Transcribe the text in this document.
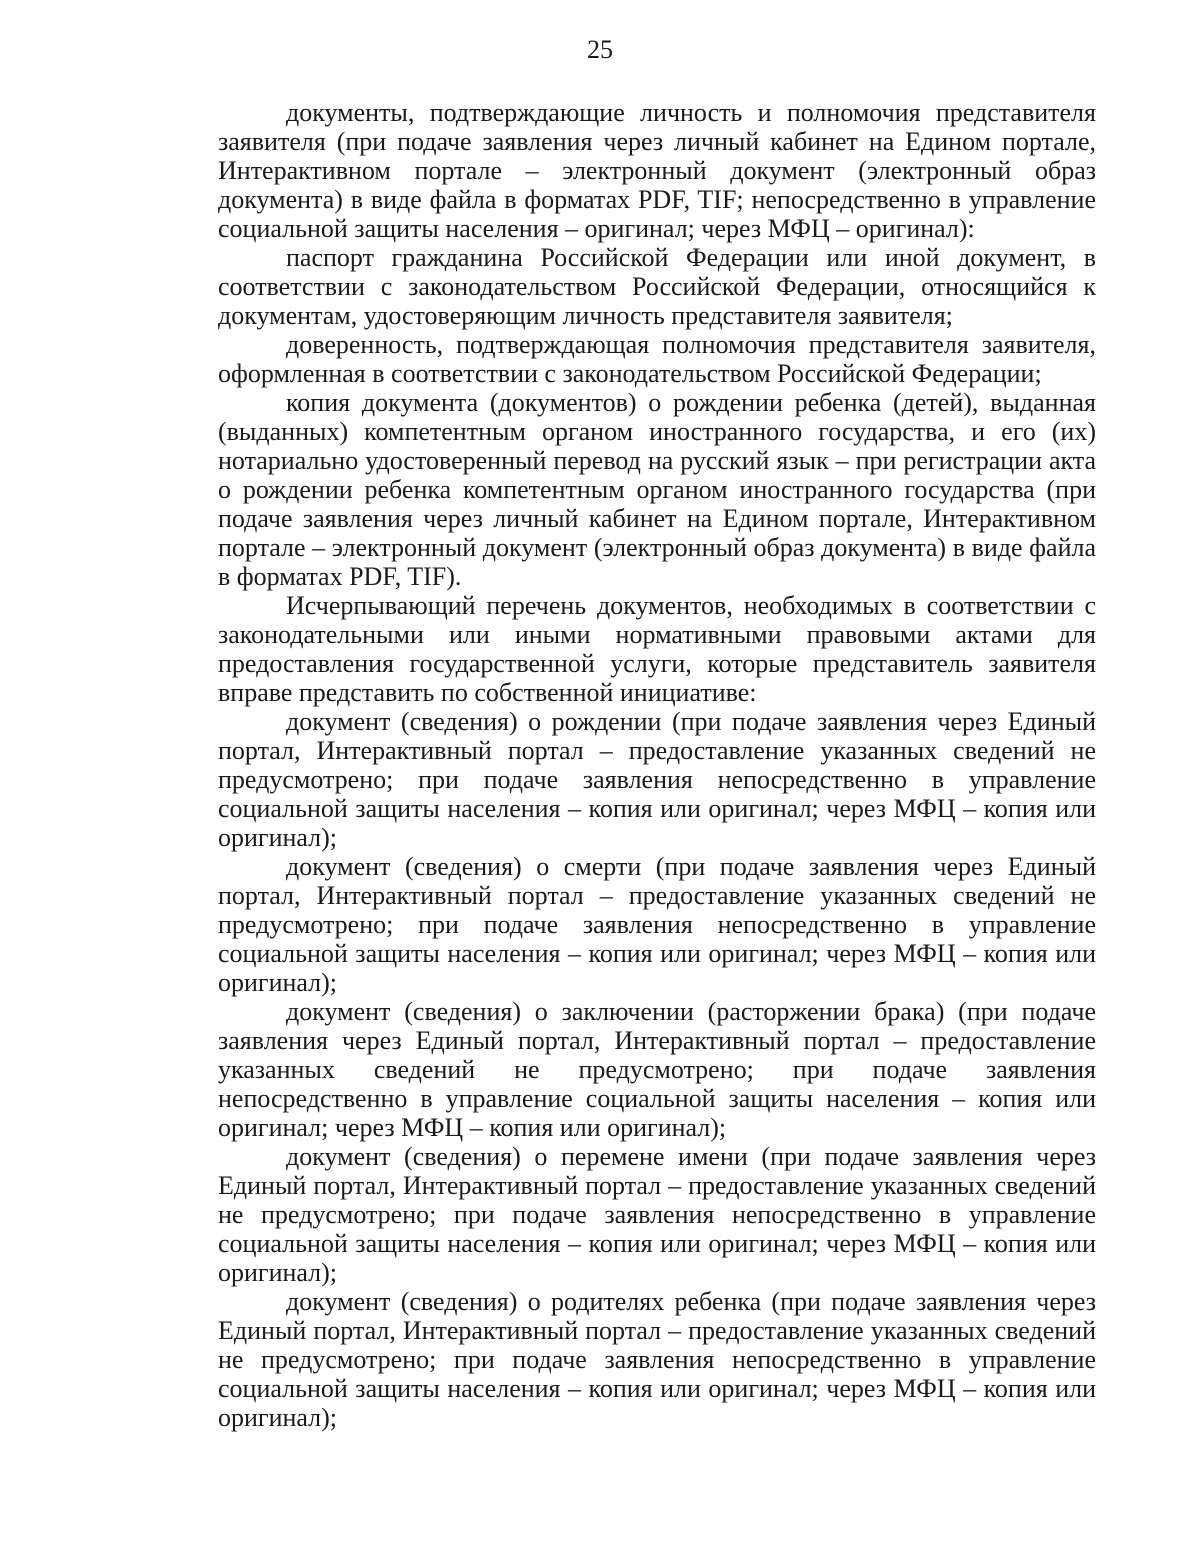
25

документы, подтверждающие личность и полномочия представителя заявителя (при подаче заявления через личный кабинет на Едином портале, Интерактивном портале – электронный документ (электронный образ документа) в виде файла в форматах PDF, TIF; непосредственно в управление социальной защиты населения – оригинал; через МФЦ – оригинал):

паспорт гражданина Российской Федерации или иной документ, в соответствии с законодательством Российской Федерации, относящийся к документам, удостоверяющим личность представителя заявителя;

доверенность, подтверждающая полномочия представителя заявителя, оформленная в соответствии с законодательством Российской Федерации;

копия документа (документов) о рождении ребенка (детей), выданная (выданных) компетентным органом иностранного государства, и его (их) нотариально удостоверенный перевод на русский язык – при регистрации акта о рождении ребенка компетентным органом иностранного государства (при подаче заявления через личный кабинет на Едином портале, Интерактивном портале – электронный документ (электронный образ документа) в виде файла в форматах PDF, TIF).

Исчерпывающий перечень документов, необходимых в соответствии с законодательными или иными нормативными правовыми актами для предоставления государственной услуги, которые представитель заявителя вправе представить по собственной инициативе:

документ (сведения) о рождении (при подаче заявления через Единый портал, Интерактивный портал – предоставление указанных сведений не предусмотрено; при подаче заявления непосредственно в управление социальной защиты населения – копия или оригинал; через МФЦ – копия или оригинал);

документ (сведения) о смерти (при подаче заявления через Единый портал, Интерактивный портал – предоставление указанных сведений не предусмотрено; при подаче заявления непосредственно в управление социальной защиты населения – копия или оригинал; через МФЦ – копия или оригинал);

документ (сведения) о заключении (расторжении брака) (при подаче заявления через Единый портал, Интерактивный портал – предоставление указанных сведений не предусмотрено; при подаче заявления непосредственно в управление социальной защиты населения – копия или оригинал; через МФЦ – копия или оригинал);

документ (сведения) о перемене имени (при подаче заявления через Единый портал, Интерактивный портал – предоставление указанных сведений не предусмотрено; при подаче заявления непосредственно в управление социальной защиты населения – копия или оригинал; через МФЦ – копия или оригинал);

документ (сведения) о родителях ребенка (при подаче заявления через Единый портал, Интерактивный портал – предоставление указанных сведений не предусмотрено; при подаче заявления непосредственно в управление социальной защиты населения – копия или оригинал; через МФЦ – копия или оригинал);
